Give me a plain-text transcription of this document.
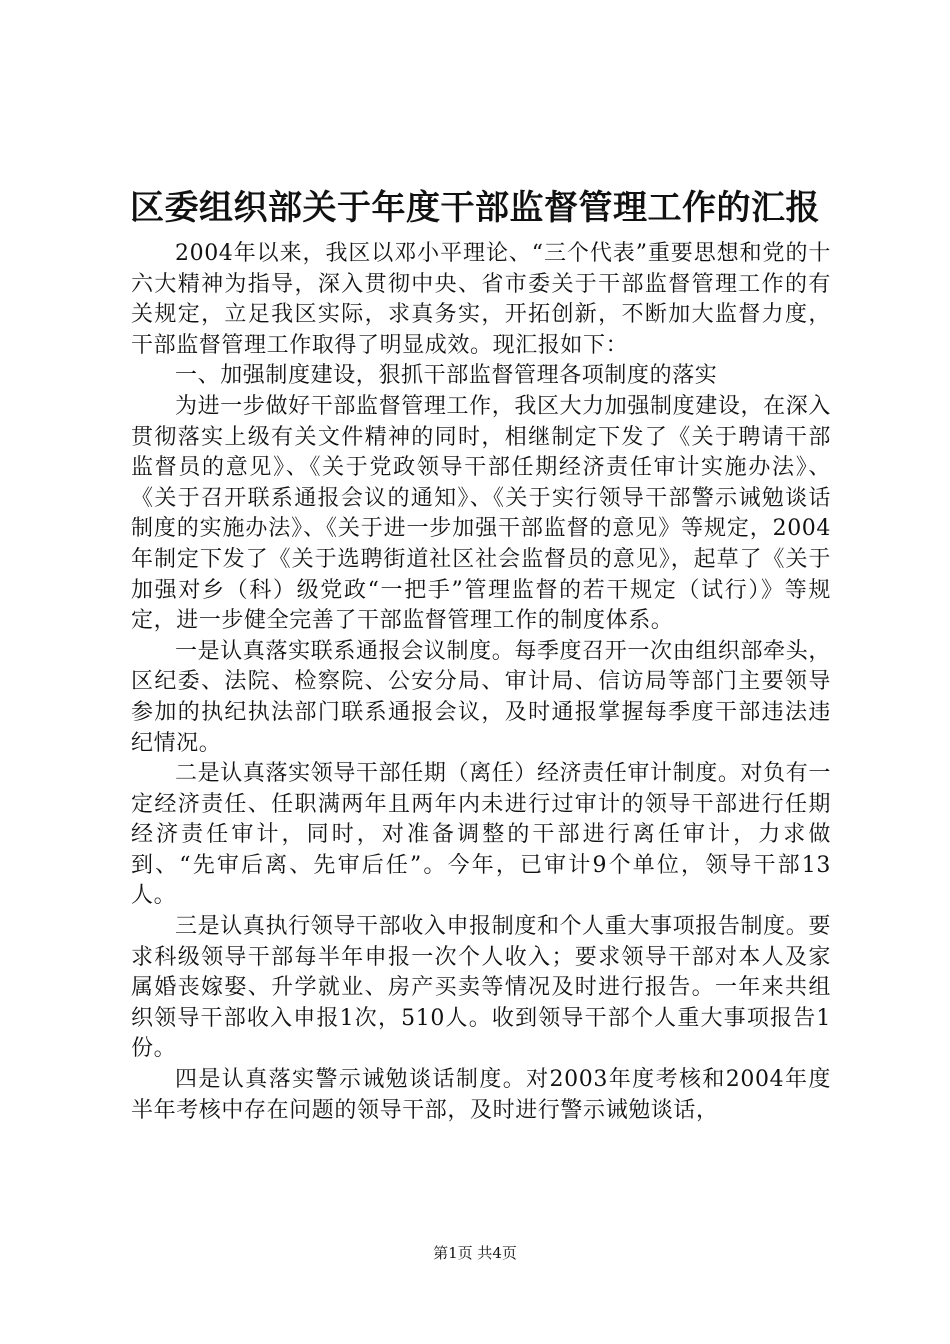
区委组织部关于年度干部监督管理工作的汇报

2004年以来，我区以邓小平理论、“三个代表”重要思想和党的十六大精神为指导，深入贯彻中央、省市委关于干部监督管理工作的有关规定，立足我区实际，求真务实，开拓创新，不断加大监督力度，干部监督管理工作取得了明显成效。现汇报如下：

一、加强制度建设，狠抓干部监督管理各项制度的落实

为进一步做好干部监督管理工作，我区大力加强制度建设，在深入贯彻落实上级有关文件精神的同时，相继制定下发了《关于聘请干部监督员的意见》、《关于党政领导干部任期经济责任审计实施办法》、《关于召开联系通报会议的通知》、《关于实行领导干部警示诫勉谈话制度的实施办法》、《关于进一步加强干部监督的意见》等规定，2004年制定下发了《关于选聘街道社区社会监督员的意见》，起草了《关于加强对乡（科）级党政“一把手”管理监督的若干规定（试行）》等规定，进一步健全完善了干部监督管理工作的制度体系。

一是认真落实联系通报会议制度。每季度召开一次由组织部牵头，区纪委、法院、检察院、公安分局、审计局、信访局等部门主要领导参加的执纪执法部门联系通报会议，及时通报掌握每季度干部违法违纪情况。

二是认真落实领导干部任期（离任）经济责任审计制度。对负有一定经济责任、任职满两年且两年内未进行过审计的领导干部进行任期经济责任审计，同时，对准备调整的干部进行离任审计，力求做到、“先审后离、先审后任”。今年，已审计9个单位，领导干部13人。

三是认真执行领导干部收入申报制度和个人重大事项报告制度。要求科级领导干部每半年申报一次个人收入；要求领导干部对本人及家属婚丧嫁娶、升学就业、房产买卖等情况及时进行报告。一年来共组织领导干部收入申报1次，510人。收到领导干部个人重大事项报告1份。

四是认真落实警示诫勉谈话制度。对2003年度考核和2004年度半年考核中存在问题的领导干部，及时进行警示诫勉谈话，

第1页 共4页
